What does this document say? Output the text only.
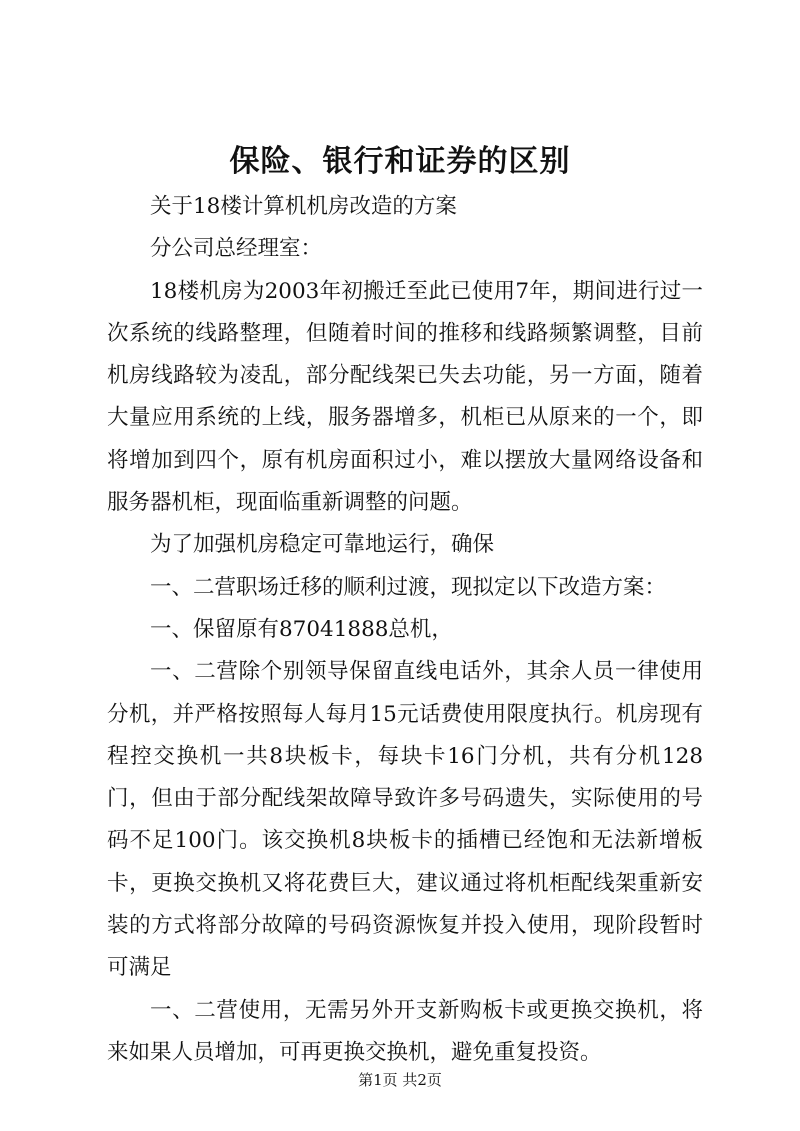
保险、银行和证券的区别

关于18楼计算机机房改造的方案

分公司总经理室：

18楼机房为2003年初搬迁至此已使用7年，期间进行过一次系统的线路整理，但随着时间的推移和线路频繁调整，目前机房线路较为凌乱，部分配线架已失去功能，另一方面，随着大量应用系统的上线，服务器增多，机柜已从原来的一个，即将增加到四个，原有机房面积过小，难以摆放大量网络设备和服务器机柜，现面临重新调整的问题。

为了加强机房稳定可靠地运行，确保

一、二营职场迁移的顺利过渡，现拟定以下改造方案：

一、保留原有87041888总机，

一、二营除个别领导保留直线电话外，其余人员一律使用分机，并严格按照每人每月15元话费使用限度执行。机房现有程控交换机一共8块板卡，每块卡16门分机，共有分机128门，但由于部分配线架故障导致许多号码遗失，实际使用的号码不足100门。该交换机8块板卡的插槽已经饱和无法新增板卡，更换交换机又将花费巨大，建议通过将机柜配线架重新安装的方式将部分故障的号码资源恢复并投入使用，现阶段暂时可满足

一、二营使用，无需另外开支新购板卡或更换交换机，将来如果人员增加，可再更换交换机，避免重复投资。

第1页 共2页
